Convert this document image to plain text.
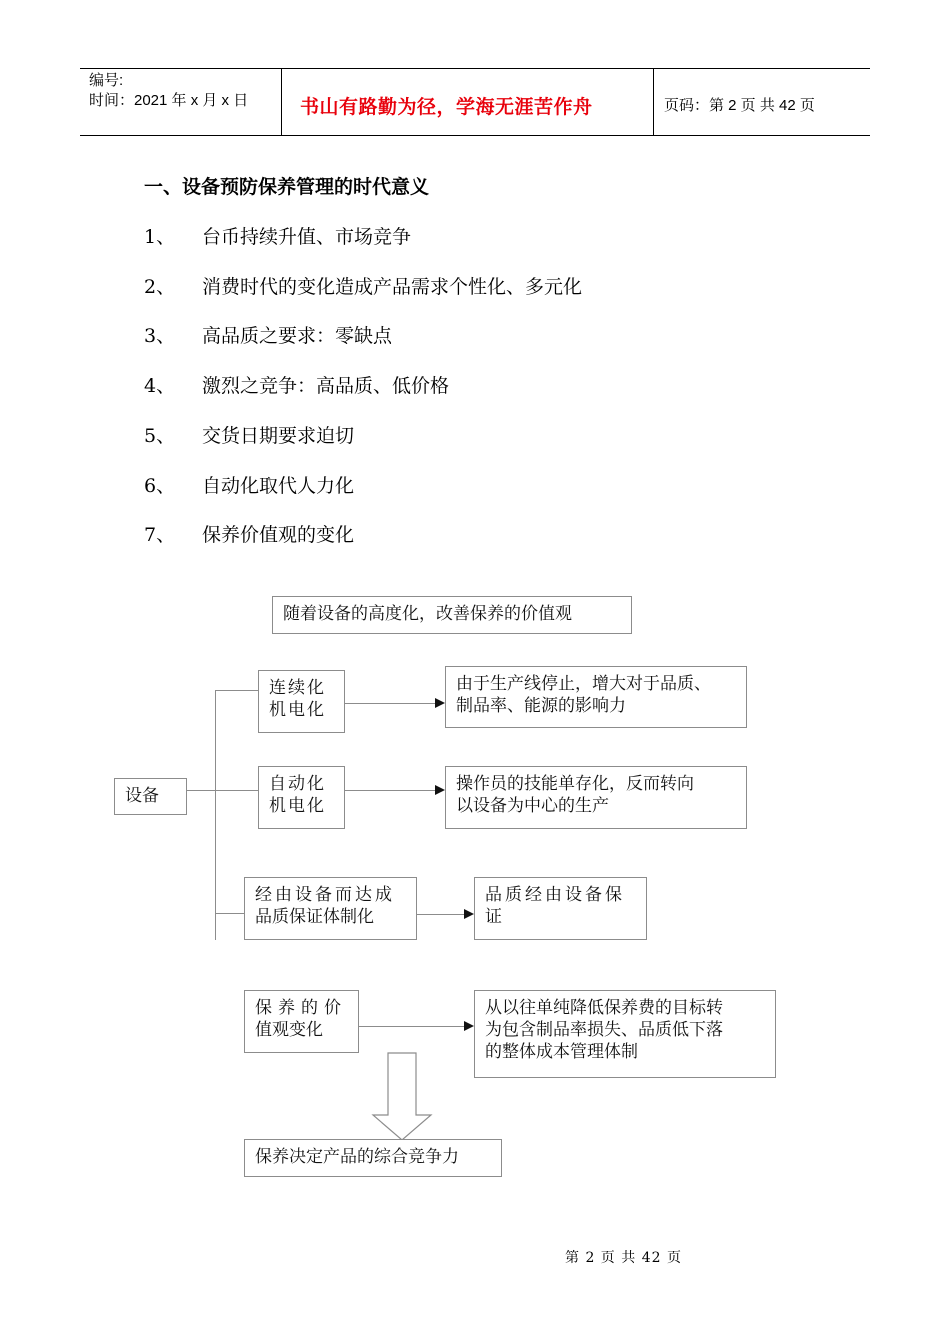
编号:
时间：2021 年 x 月 x 日	书山有路勤为径，学海无涯苦作舟	页码：第 2 页 共 42 页
一、设备预防保养管理的时代意义
1、 台币持续升值、市场竞争
2、 消费时代的变化造成产品需求个性化、多元化
3、 高品质之要求：零缺点
4、 激烈之竞争：高品质、低价格
5、 交货日期要求迫切
6、 自动化取代人力化
7、 保养价值观的变化
随着设备的高度化，改善保养的价值观
设备
连续化
机电化
由于生产线停止，增大对于品质、
制品率、能源的影响力
自动化
机电化
操作员的技能单存化，反而转向
以设备为中心的生产
经由设备而达成
品质保证体制化
品质经由设备保
证
保养的价
值观变化
从以往单纯降低保养费的目标转
为包含制品率损失、品质低下落
的整体成本管理体制
保养决定产品的综合竞争力
第 2 页 共 42 页
